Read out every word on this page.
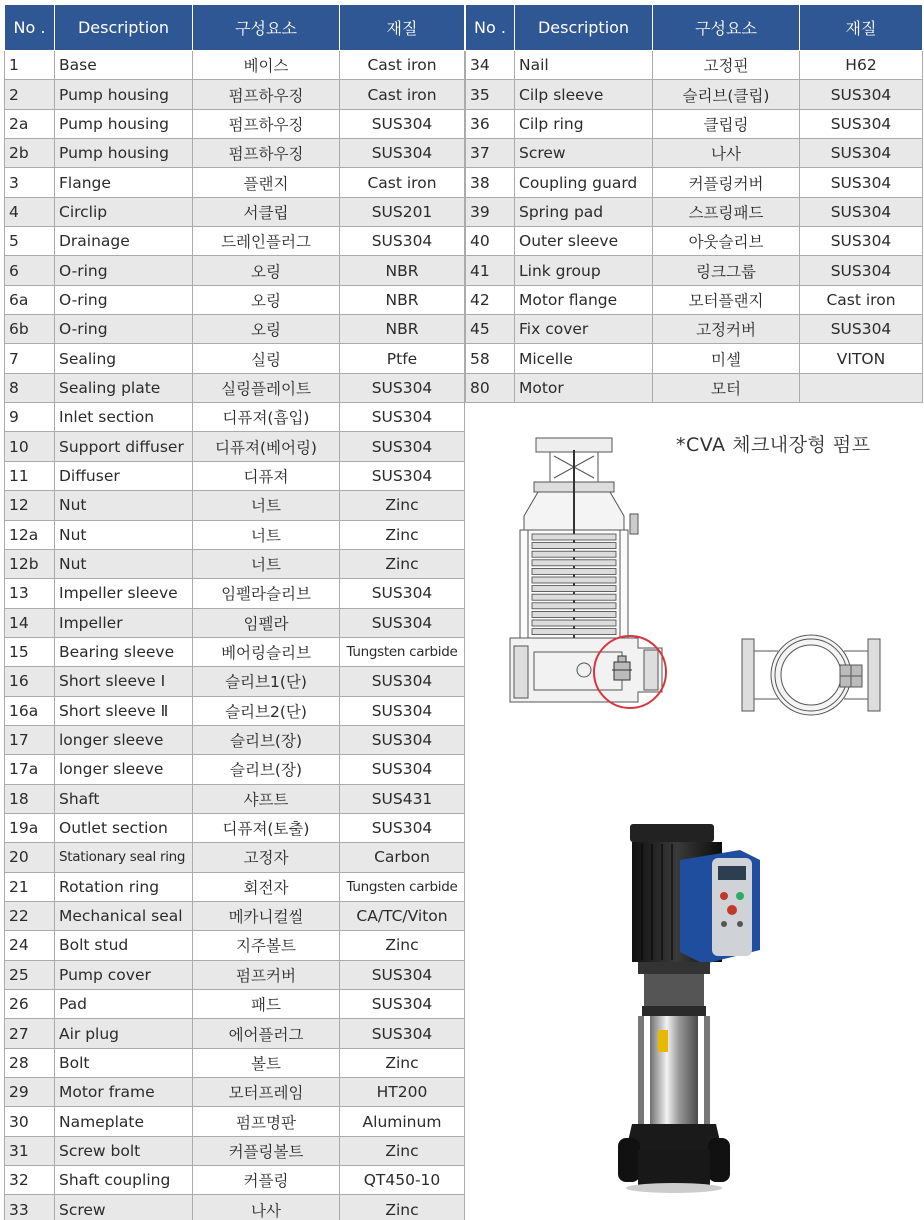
No .	Description	구성요소	재질
1	Base	베이스	Cast iron
2	Pump housing	펌프하우징	Cast iron
2a	Pump housing	펌프하우징	SUS304
2b	Pump housing	펌프하우징	SUS304
3	Flange	플랜지	Cast iron
4	Circlip	서클립	SUS201
5	Drainage	드레인플러그	SUS304
6	O-ring	오링	NBR
6a	O-ring	오링	NBR
6b	O-ring	오링	NBR
7	Sealing	실링	Ptfe
8	Sealing plate	실링플레이트	SUS304
9	Inlet section	디퓨져(흡입)	SUS304
10	Support diffuser	디퓨져(베어링)	SUS304
11	Diffuser	디퓨져	SUS304
12	Nut	너트	Zinc
12a	Nut	너트	Zinc
12b	Nut	너트	Zinc
13	Impeller sleeve	임펠라슬리브	SUS304
14	Impeller	임펠라	SUS304
15	Bearing sleeve	베어링슬리브	Tungsten carbide
16	Short sleeve Ⅰ	슬리브1(단)	SUS304
16a	Short sleeve Ⅱ	슬리브2(단)	SUS304
17	longer sleeve	슬리브(장)	SUS304
17a	longer sleeve	슬리브(장)	SUS304
18	Shaft	샤프트	SUS431
19a	Outlet section	디퓨져(토출)	SUS304
20	Stationary seal ring	고정자	Carbon
21	Rotation ring	회전자	Tungsten carbide
22	Mechanical seal	메카니컬씰	CA/TC/Viton
24	Bolt stud	지주볼트	Zinc
25	Pump cover	펌프커버	SUS304
26	Pad	패드	SUS304
27	Air plug	에어플러그	SUS304
28	Bolt	볼트	Zinc
29	Motor frame	모터프레임	HT200
30	Nameplate	펌프명판	Aluminum
31	Screw bolt	커플링볼트	Zinc
32	Shaft coupling	커플링	QT450-10
33	Screw	나사	Zinc
No .	Description	구성요소	재질
34	Nail	고정핀	H62
35	Cilp sleeve	슬리브(클립)	SUS304
36	Cilp ring	클립링	SUS304
37	Screw	나사	SUS304
38	Coupling guard	커플링커버	SUS304
39	Spring pad	스프링패드	SUS304
40	Outer sleeve	아웃슬리브	SUS304
41	Link group	링크그룹	SUS304
42	Motor flange	모터플랜지	Cast iron
45	Fix cover	고정커버	SUS304
58	Micelle	미셀	VITON
80	Motor	모터	
*CVA 체크내장형 펌프
